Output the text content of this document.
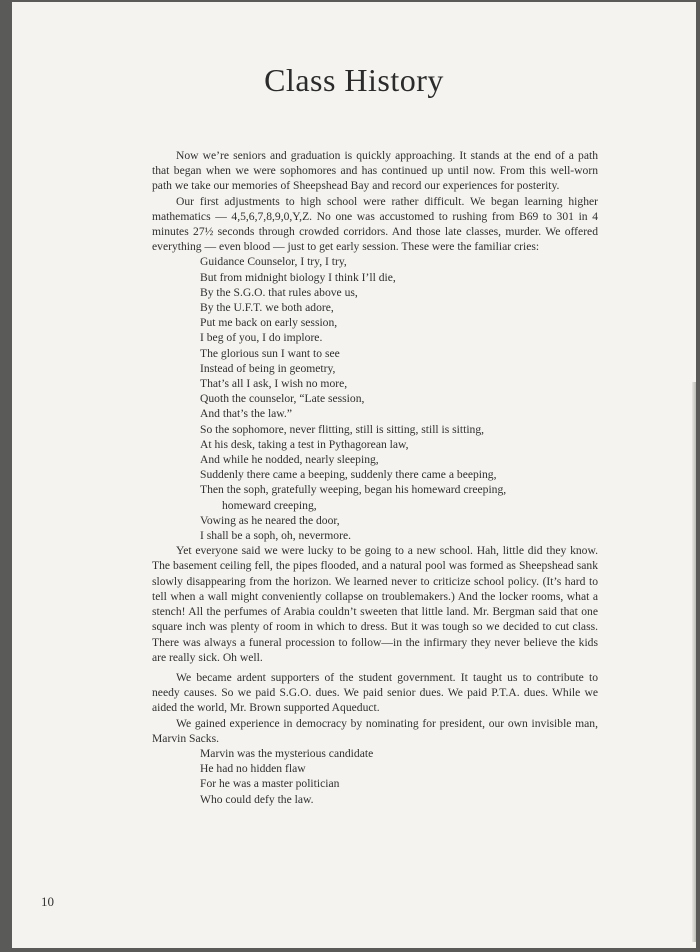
Class History

Now we’re seniors and graduation is quickly approaching. It stands at the end of a path that began when we were sophomores and has continued up until now. From this well-worn path we take our memories of Sheepshead Bay and record our experiences for posterity.

Our first adjustments to high school were rather difficult. We began learning higher mathematics — 4,5,6,7,8,9,0,Y,Z. No one was accustomed to rushing from B69 to 301 in 4 minutes 27½ seconds through crowded corridors. And those late classes, murder. We offered everything — even blood — just to get early session. These were the familiar cries:

Guidance Counselor, I try, I try,
But from midnight biology I think I’ll die,
By the S.G.O. that rules above us,
By the U.F.T. we both adore,
Put me back on early session,
I beg of you, I do implore.
The glorious sun I want to see
Instead of being in geometry,
That’s all I ask, I wish no more,
Quoth the counselor, “Late session,
And that’s the law.”
So the sophomore, never flitting, still is sitting, still is sitting,
At his desk, taking a test in Pythagorean law,
And while he nodded, nearly sleeping,
Suddenly there came a beeping, suddenly there came a beeping,
Then the soph, gratefully weeping, began his homeward creeping,
homeward creeping,
Vowing as he neared the door,
I shall be a soph, oh, nevermore.

Yet everyone said we were lucky to be going to a new school. Hah, little did they know. The basement ceiling fell, the pipes flooded, and a natural pool was formed as Sheepshead sank slowly disappearing from the horizon. We learned never to criticize school policy. (It’s hard to tell when a wall might conveniently collapse on troublemakers.) And the locker rooms, what a stench! All the perfumes of Arabia couldn’t sweeten that little land. Mr. Bergman said that one square inch was plenty of room in which to dress. But it was tough so we decided to cut class. There was always a funeral procession to follow—in the infirmary they never believe the kids are really sick. Oh well.

We became ardent supporters of the student government. It taught us to contribute to needy causes. So we paid S.G.O. dues. We paid senior dues. We paid P.T.A. dues. While we aided the world, Mr. Brown supported Aqueduct.

We gained experience in democracy by nominating for president, our own invisible man, Marvin Sacks.

Marvin was the mysterious candidate
He had no hidden flaw
For he was a master politician
Who could defy the law.
10
